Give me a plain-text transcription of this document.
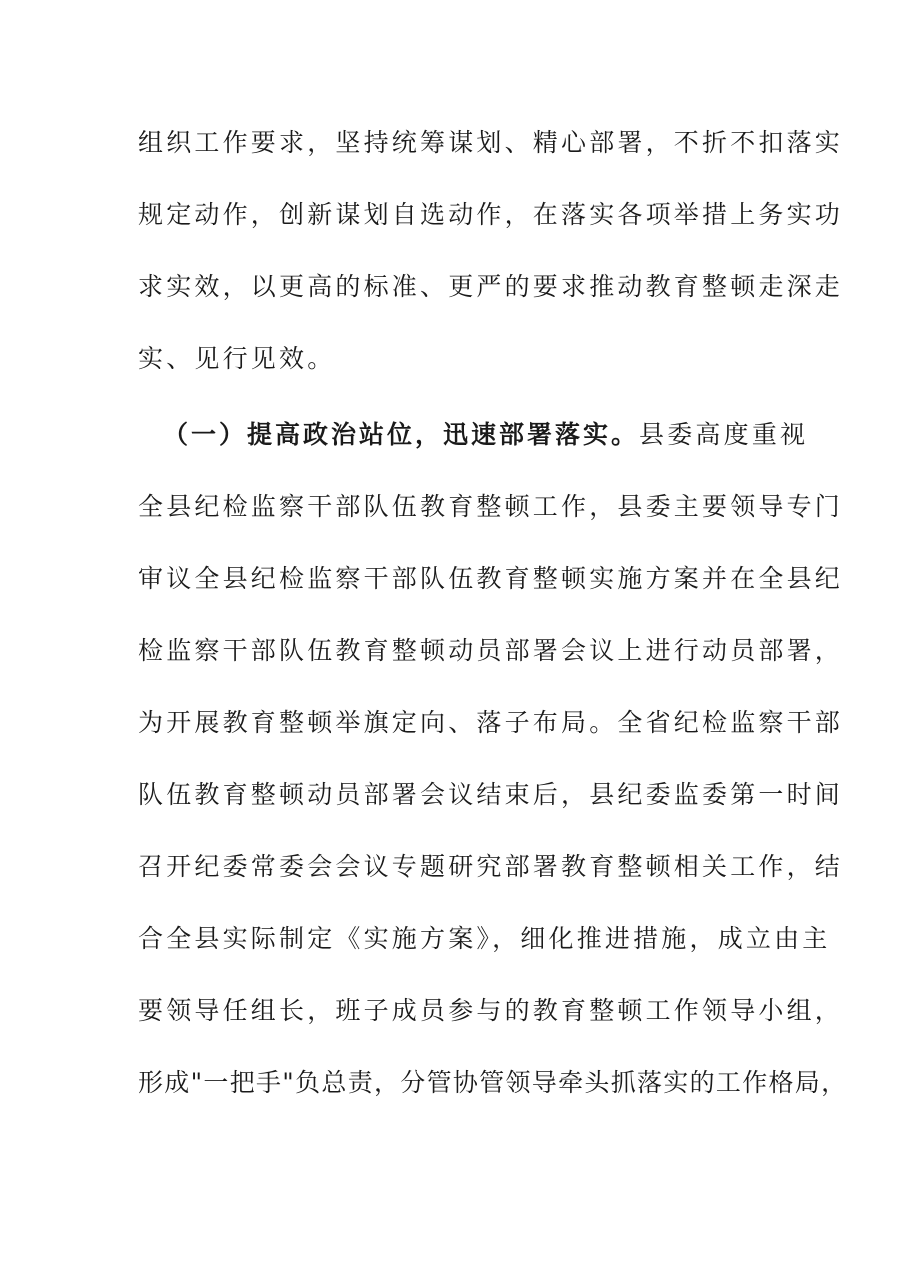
组织工作要求，坚持统筹谋划、精心部署，不折不扣落实
规定动作，创新谋划自选动作，在落实各项举措上务实功
求实效，以更高的标准、更严的要求推动教育整顿走深走
实、见行见效。
（一）提高政治站位，迅速部署落实。县委高度重视
全县纪检监察干部队伍教育整顿工作，县委主要领导专门
审议全县纪检监察干部队伍教育整顿实施方案并在全县纪
检监察干部队伍教育整顿动员部署会议上进行动员部署，
为开展教育整顿举旗定向、落子布局。全省纪检监察干部
队伍教育整顿动员部署会议结束后，县纪委监委第一时间
召开纪委常委会会议专题研究部署教育整顿相关工作，结
合全县实际制定《实施方案》，细化推进措施，成立由主
要领导任组长，班子成员参与的教育整顿工作领导小组，
形成"一把手"负总责，分管协管领导牵头抓落实的工作格局，
